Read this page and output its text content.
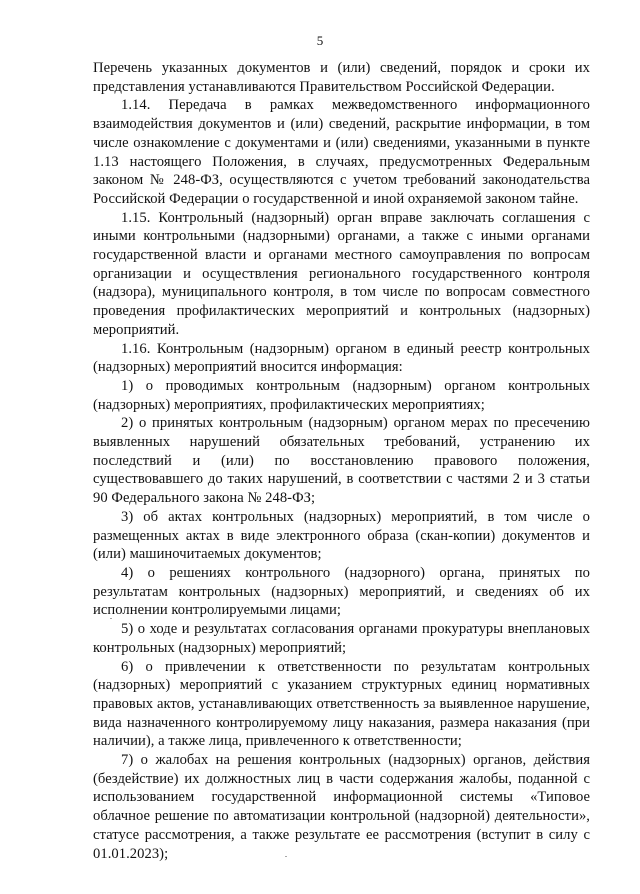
5

Перечень указанных документов и (или) сведений, порядок и сроки их представления устанавливаются Правительством Российской Федерации.

1.14. Передача в рамках межведомственного информационного взаимодействия документов и (или) сведений, раскрытие информации, в том числе ознакомление с документами и (или) сведениями, указанными в пункте 1.13 настоящего Положения, в случаях, предусмотренных Федеральным законом № 248-ФЗ, осуществляются с учетом требований законодательства Российской Федерации о государственной и иной охраняемой законом тайне.

1.15. Контрольный (надзорный) орган вправе заключать соглашения с иными контрольными (надзорными) органами, а также с иными органами государственной власти и органами местного самоуправления по вопросам организации и осуществления регионального государственного контроля (надзора), муниципального контроля, в том числе по вопросам совместного проведения профилактических мероприятий и контрольных (надзорных) мероприятий.

1.16. Контрольным (надзорным) органом в единый реестр контрольных (надзорных) мероприятий вносится информация:

1) о проводимых контрольным (надзорным) органом контрольных (надзорных) мероприятиях, профилактических мероприятиях;

2) о принятых контрольным (надзорным) органом мерах по пресечению выявленных нарушений обязательных требований, устранению их последствий и (или) по восстановлению правового положения, существовавшего до таких нарушений, в соответствии с частями 2 и 3 статьи 90 Федерального закона № 248-ФЗ;

3) об актах контрольных (надзорных) мероприятий, в том числе о размещенных актах в виде электронного образа (скан-копии) документов и (или) машиночитаемых документов;

4) о решениях контрольного (надзорного) органа, принятых по результатам контрольных (надзорных) мероприятий, и сведениях об их исполнении контролируемыми лицами;

5) о ходе и результатах согласования органами прокуратуры внеплановых контрольных (надзорных) мероприятий;

6) о привлечении к ответственности по результатам контрольных (надзорных) мероприятий с указанием структурных единиц нормативных правовых актов, устанавливающих ответственность за выявленное нарушение, вида назначенного контролируемому лицу наказания, размера наказания (при наличии), а также лица, привлеченного к ответственности;

7) о жалобах на решения контрольных (надзорных) органов, действия (бездействие) их должностных лиц в части содержания жалобы, поданной с использованием государственной информационной системы «Типовое облачное решение по автоматизации контрольной (надзорной) деятельности», статусе рассмотрения, а также результате ее рассмотрения (вступит в силу с 01.01.2023);
